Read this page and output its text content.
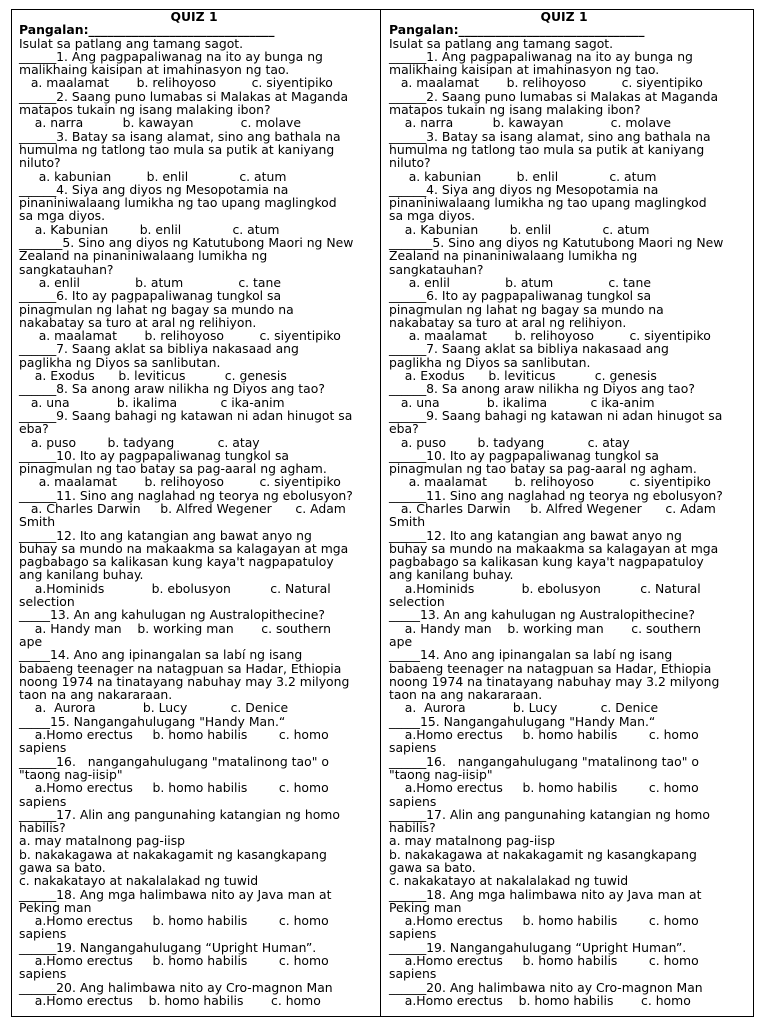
QUIZ 1
Pangalan:______________________________
Isulat sa patlang ang tamang sagot.
______1. Ang pagpapaliwanag na ito ay bunga ng
malikhaing kaisipan at imahinasyon ng tao.
a. maalamat       b. relihoyoso         c. siyentipiko
______2. Saang puno lumabas si Malakas at Maganda
matapos tukain ng isang malaking ibon?
a. narra          b. kawayan            c. molave
______3. Batay sa isang alamat, sino ang bathala na
humulma ng tatlong tao mula sa putik at kaniyang
niluto?
a. kabunian         b. enlil             c. atum
______4. Siya ang diyos ng Mesopotamia na
pinaniniwalaang lumikha ng tao upang maglingkod
sa mga diyos.
a. Kabunian        b. enlil             c. atum
_______5. Sino ang diyos ng Katutubong Maori ng New
Zealand na pinaniniwalaang lumikha ng
sangkatauhan?
a. enlil              b. atum              c. tane
______6. Ito ay pagpapaliwanag tungkol sa
pinagmulan ng lahat ng bagay sa mundo na
nakabatay sa turo at aral ng relihiyon.
a. maalamat       b. relihoyoso         c. siyentipiko
______7. Saang aklat sa bibliya nakasaad ang
paglikha ng Diyos sa sanlibutan.
a. Exodus      b. leviticus          c. genesis
______8. Sa anong araw nilikha ng Diyos ang tao?
a. una            b. ikalima           c ika-anim
______9. Saang bahagi ng katawan ni adan hinugot sa
eba?
a. puso        b. tadyang           c. atay
______10. Ito ay pagpapaliwanag tungkol sa
pinagmulan ng tao batay sa pag-aaral ng agham.
a. maalamat       b. relihoyoso         c. siyentipiko
______11. Sino ang naglahad ng teorya ng ebolusyon?
a. Charles Darwin     b. Alfred Wegener      c. Adam
Smith
______12. Ito ang katangian ang bawat anyo ng
buhay sa mundo na makaakma sa kalagayan at mga
pagbabago sa kalikasan kung kaya't nagpapatuloy
ang kanilang buhay.
a.Hominids            b. ebolusyon          c. Natural
selection
_____13. An ang kahulugan ng Australopithecine?
a. Handy man    b. working man       c. southern
ape
_____14. Ano ang ipinangalan sa labí ng isang
babaeng teenager na natagpuan sa Hadar, Ethiopia
noong 1974 na tinatayang nabuhay may 3.2 milyong
taon na ang nakararaan.
a.  Aurora            b. Lucy           c. Denice
_____15. Nangangahulugang "Handy Man.“
a.Homo erectus     b. homo habilis        c. homo
sapiens
______16.   nangangahulugang "matalinong tao" o
"taong nag-iisip"
a.Homo erectus     b. homo habilis        c. homo
sapiens
______17. Alin ang pangunahing katangian ng homo
habilis?
a. may matalnong pag-iisp
b. nakakagawa at nakakagamit ng kasangkapang
gawa sa bato.
c. nakakatayo at nakalalakad ng tuwid
______18. Ang mga halimbawa nito ay Java man at
Peking man
a.Homo erectus     b. homo habilis        c. homo
sapiens
______19. Nangangahulugang “Upright Human”.
a.Homo erectus     b. homo habilis        c. homo
sapiens
______20. Ang halimbawa nito ay Cro-magnon Man
a.Homo erectus    b. homo habilis       c. homo
QUIZ 1
Pangalan:______________________________
Isulat sa patlang ang tamang sagot.
______1. Ang pagpapaliwanag na ito ay bunga ng
malikhaing kaisipan at imahinasyon ng tao.
a. maalamat       b. relihoyoso         c. siyentipiko
______2. Saang puno lumabas si Malakas at Maganda
matapos tukain ng isang malaking ibon?
a. narra          b. kawayan            c. molave
______3. Batay sa isang alamat, sino ang bathala na
humulma ng tatlong tao mula sa putik at kaniyang
niluto?
a. kabunian         b. enlil             c. atum
______4. Siya ang diyos ng Mesopotamia na
pinaniniwalaang lumikha ng tao upang maglingkod
sa mga diyos.
a. Kabunian        b. enlil             c. atum
_______5. Sino ang diyos ng Katutubong Maori ng New
Zealand na pinaniniwalaang lumikha ng
sangkatauhan?
a. enlil              b. atum              c. tane
______6. Ito ay pagpapaliwanag tungkol sa
pinagmulan ng lahat ng bagay sa mundo na
nakabatay sa turo at aral ng relihiyon.
a. maalamat       b. relihoyoso         c. siyentipiko
______7. Saang aklat sa bibliya nakasaad ang
paglikha ng Diyos sa sanlibutan.
a. Exodus      b. leviticus          c. genesis
______8. Sa anong araw nilikha ng Diyos ang tao?
a. una            b. ikalima           c ika-anim
______9. Saang bahagi ng katawan ni adan hinugot sa
eba?
a. puso        b. tadyang           c. atay
______10. Ito ay pagpapaliwanag tungkol sa
pinagmulan ng tao batay sa pag-aaral ng agham.
a. maalamat       b. relihoyoso         c. siyentipiko
______11. Sino ang naglahad ng teorya ng ebolusyon?
a. Charles Darwin     b. Alfred Wegener      c. Adam
Smith
______12. Ito ang katangian ang bawat anyo ng
buhay sa mundo na makaakma sa kalagayan at mga
pagbabago sa kalikasan kung kaya't nagpapatuloy
ang kanilang buhay.
a.Hominids            b. ebolusyon          c. Natural
selection
_____13. An ang kahulugan ng Australopithecine?
a. Handy man    b. working man       c. southern
ape
_____14. Ano ang ipinangalan sa labí ng isang
babaeng teenager na natagpuan sa Hadar, Ethiopia
noong 1974 na tinatayang nabuhay may 3.2 milyong
taon na ang nakararaan.
a.  Aurora            b. Lucy           c. Denice
_____15. Nangangahulugang "Handy Man.“
a.Homo erectus     b. homo habilis        c. homo
sapiens
______16.   nangangahulugang "matalinong tao" o
"taong nag-iisip"
a.Homo erectus     b. homo habilis        c. homo
sapiens
______17. Alin ang pangunahing katangian ng homo
habilis?
a. may matalnong pag-iisp
b. nakakagawa at nakakagamit ng kasangkapang
gawa sa bato.
c. nakakatayo at nakalalakad ng tuwid
______18. Ang mga halimbawa nito ay Java man at
Peking man
a.Homo erectus     b. homo habilis        c. homo
sapiens
______19. Nangangahulugang “Upright Human”.
a.Homo erectus     b. homo habilis        c. homo
sapiens
______20. Ang halimbawa nito ay Cro-magnon Man
a.Homo erectus    b. homo habilis       c. homo
